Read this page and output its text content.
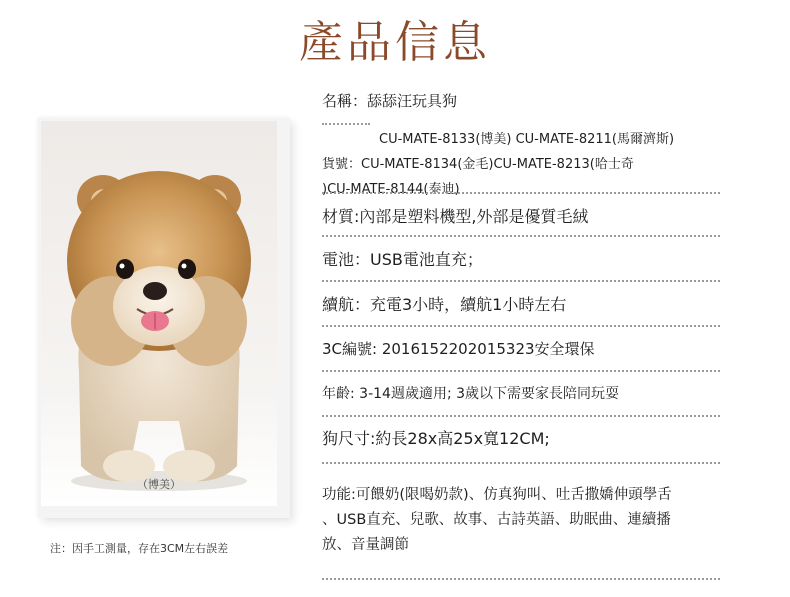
產品信息
（博美）
注：因手工測量，存在3CM左右誤差
名稱：舔舔汪玩具狗
CU-MATE-8133(博美) CU-MATE-8211(馬爾濟斯)
貨號：CU-MATE-8134(金毛)CU-MATE-8213(哈士奇
)CU-MATE-8144(泰迪)
材質:內部是塑料機型,外部是優質毛絨
電池：USB電池直充；
續航：充電3小時，續航1小時左右
3C編號: 2016152202015323安全環保
年齡: 3-14週歲適用; 3歲以下需要家長陪同玩耍
狗尺寸:約長28x高25x寬12CM;
功能:可餵奶(限喝奶款)、仿真狗叫、吐舌撒嬌伸頭學舌
、USB直充、兒歌、故事、古詩英語、助眠曲、連續播
放、音量調節
